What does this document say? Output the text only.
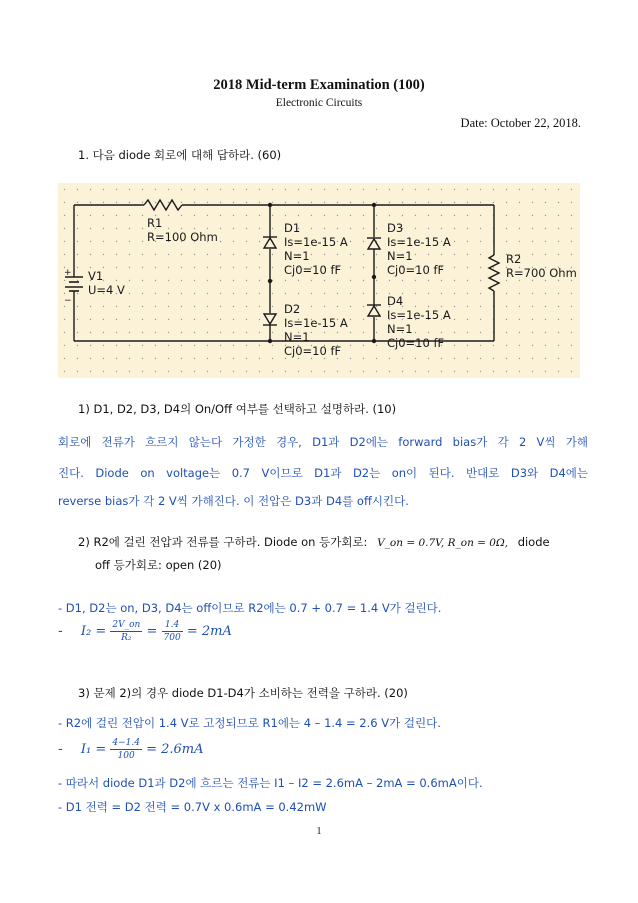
2018 Mid-term Examination (100)
Electronic Circuits
Date: October 22, 2018.
1. 다음 diode 회로에 대해 답하라. (60)
+
−
R1
R=100 Ohm
V1
U=4 V
D1
Is=1e-15 A
N=1
Cj0=10 fF
D2
Is=1e-15 A
N=1
Cj0=10 fF
D3
Is=1e-15 A
N=1
Cj0=10 fF
D4
Is=1e-15 A
N=1
Cj0=10 fF
R2
R=700 Ohm
1) D1, D2, D3, D4의 On/Off 여부를 선택하고 설명하라. (10)
회로에 전류가 흐르지 않는다 가정한 경우, D1과 D2에는 forward bias가 각 2 V씩 가해
진다. Diode on voltage는 0.7 V이므로 D1과 D2는 on이 된다. 반대로 D3와 D4에는
reverse bias가 각 2 V씩 가해진다. 이 전압은 D3과 D4를 off시킨다.
2) R2에 걸린 전압과 전류를 구하라. Diode on 등가회로: V_on = 0.7V, R_on = 0Ω, diode
off 등가회로: open (20)
- D1, D2는 on, D3, D4는 off이므로 R2에는 0.7 + 0.7 = 1.4 V가 걸린다.
- $I_2 = \frac{2V\_on}{\text{R₂}} = \frac{1.4}{700} = 2mA$
3) 문제 2)의 경우 diode D1-D4가 소비하는 전력을 구하라. (20)
- R2에 걸린 전압이 1.4 V로 고정되므로 R1에는 4 – 1.4 = 2.6 V가 걸린다.
- $I_1 = \frac{4-1.4}{100} = 2.6mA$
- 따라서 diode D1과 D2에 흐르는 전류는 I1 – I2 = 2.6mA – 2mA = 0.6mA이다.
- D1 전력 = D2 전력 = 0.7V x 0.6mA = 0.42mW
1
